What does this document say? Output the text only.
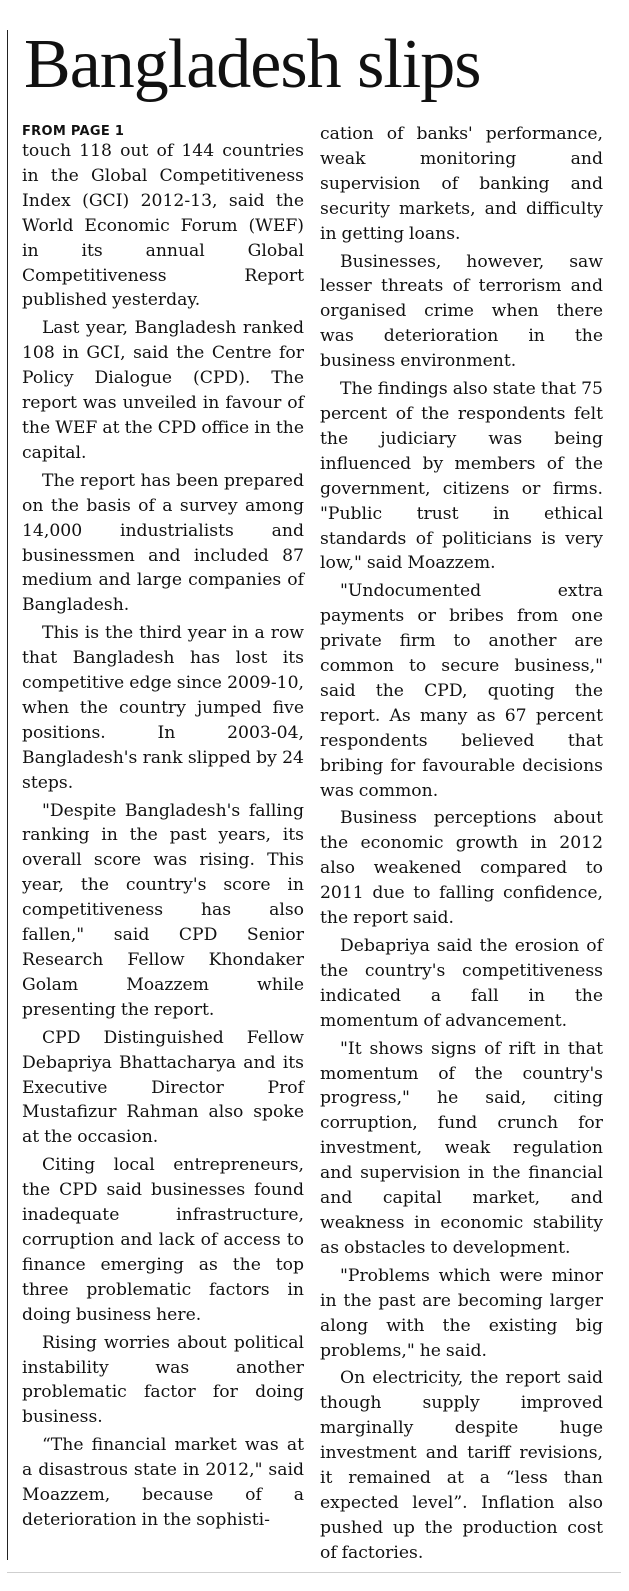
Bangladesh slips
FROM PAGE 1

touch 118 out of 144 countries in the Global Competitiveness Index (GCI) 2012-13, said the World Economic Forum (WEF) in its annual Global Competitiveness Report published yesterday.

Last year, Bangladesh ranked 108 in GCI, said the Centre for Policy Dialogue (CPD). The report was unveiled in favour of the WEF at the CPD office in the capital.

The report has been prepared on the basis of a survey among 14,000 industrialists and businessmen and included 87 medium and large companies of Bangladesh.

This is the third year in a row that Bangladesh has lost its competitive edge since 2009-10, when the country jumped five positions. In 2003-04, Bangladesh's rank slipped by 24 steps.

"Despite Bangladesh's falling ranking in the past years, its overall score was rising. This year, the country's score in competitiveness has also fallen," said CPD Senior Research Fellow Khondaker Golam Moazzem while presenting the report.

CPD Distinguished Fellow Debapriya Bhattacharya and its Executive Director Prof Mustafizur Rahman also spoke at the occasion.

Citing local entrepreneurs, the CPD said businesses found inadequate infrastructure, corruption and lack of access to finance emerging as the top three problematic factors in doing business here.

Rising worries about political instability was another problematic factor for doing business.

“The financial market was at a disastrous state in 2012," said Moazzem, because of a deterioration in the sophisti-

cation of banks' performance, weak monitoring and supervision of banking and security markets, and difficulty in getting loans.

Businesses, however, saw lesser threats of terrorism and organised crime when there was deterioration in the business environment.

The findings also state that 75 percent of the respondents felt the judiciary was being influenced by members of the government, citizens or firms. "Public trust in ethical standards of politicians is very low," said Moazzem.

"Undocumented extra payments or bribes from one private firm to another are common to secure business," said the CPD, quoting the report. As many as 67 percent respondents believed that bribing for favourable decisions was common.

Business perceptions about the economic growth in 2012 also weakened compared to 2011 due to falling confidence, the report said.

Debapriya said the erosion of the country's competitiveness indicated a fall in the momentum of advancement.

"It shows signs of rift in that momentum of the country's progress," he said, citing corruption, fund crunch for investment, weak regulation and supervision in the financial and capital market, and weakness in economic stability as obstacles to development.

"Problems which were minor in the past are becoming larger along with the existing big problems," he said.

On electricity, the report said though supply improved marginally despite huge investment and tariff revisions, it remained at a “less than expected level”. Inflation also pushed up the production cost of factories.
